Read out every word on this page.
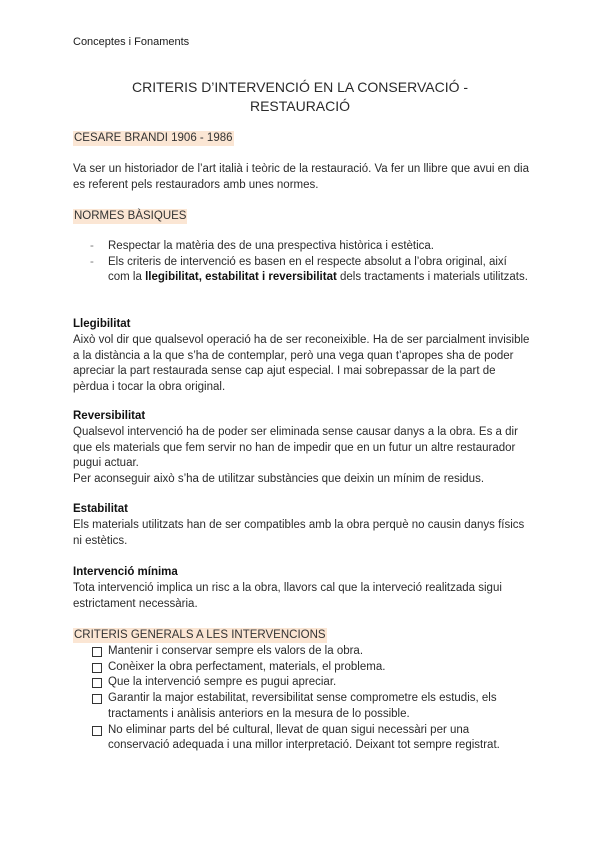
Conceptes i Fonaments
CRITERIS D’INTERVENCIÓ EN LA CONSERVACIÓ -
RESTAURACIÓ
CESARE BRANDI 1906 - 1986

Va ser un historiador de l’art italià i teòric de la restauració. Va fer un llibre que avui en dia es referent pels restauradors amb unes normes.

NORMES BÀSIQUES
- Respectar la matèria des de una prespectiva històrica i estètica.
- Els criteris de intervenció es basen en el respecte absolut a l’obra original, així com la llegibilitat, estabilitat i reversibilitat dels tractaments i materials utilitzats.
Llegibilitat

Això vol dir que qualsevol operació ha de ser reconeixible. Ha de ser parcialment invisible a la distància a la que s’ha de contemplar, però una vega quan t’apropes sha de poder apreciar la part restaurada sense cap ajut especial. I mai sobrepassar de la part de pèrdua i tocar la obra original.

Reversibilitat

Qualsevol intervenció ha de poder ser eliminada sense causar danys a la obra. Es a dir que els materials que fem servir no han de impedir que en un futur un altre restaurador pugui actuar.

Per aconseguir això s’ha de utilitzar substàncies que deixin un mínim de residus.

Estabilitat

Els materials utilitzats han de ser compatibles amb la obra perquè no causin danys físics ni estètics.

Intervenció mínima

Tota intervenció implica un risc a la obra, llavors cal que la interveció realitzada sigui estrictament necessària.

CRITERIS GENERALS A LES INTERVENCIONS
Mantenir i conservar sempre els valors de la obra.
Conèixer la obra perfectament, materials, el problema.
Que la intervenció sempre es pugui apreciar.
Garantir la major estabilitat, reversibilitat sense comprometre els estudis, els tractaments i anàlisis anteriors en la mesura de lo possible.
No eliminar parts del bé cultural, llevat de quan sigui necessàri per una conservació adequada i una millor interpretació. Deixant tot sempre registrat.
